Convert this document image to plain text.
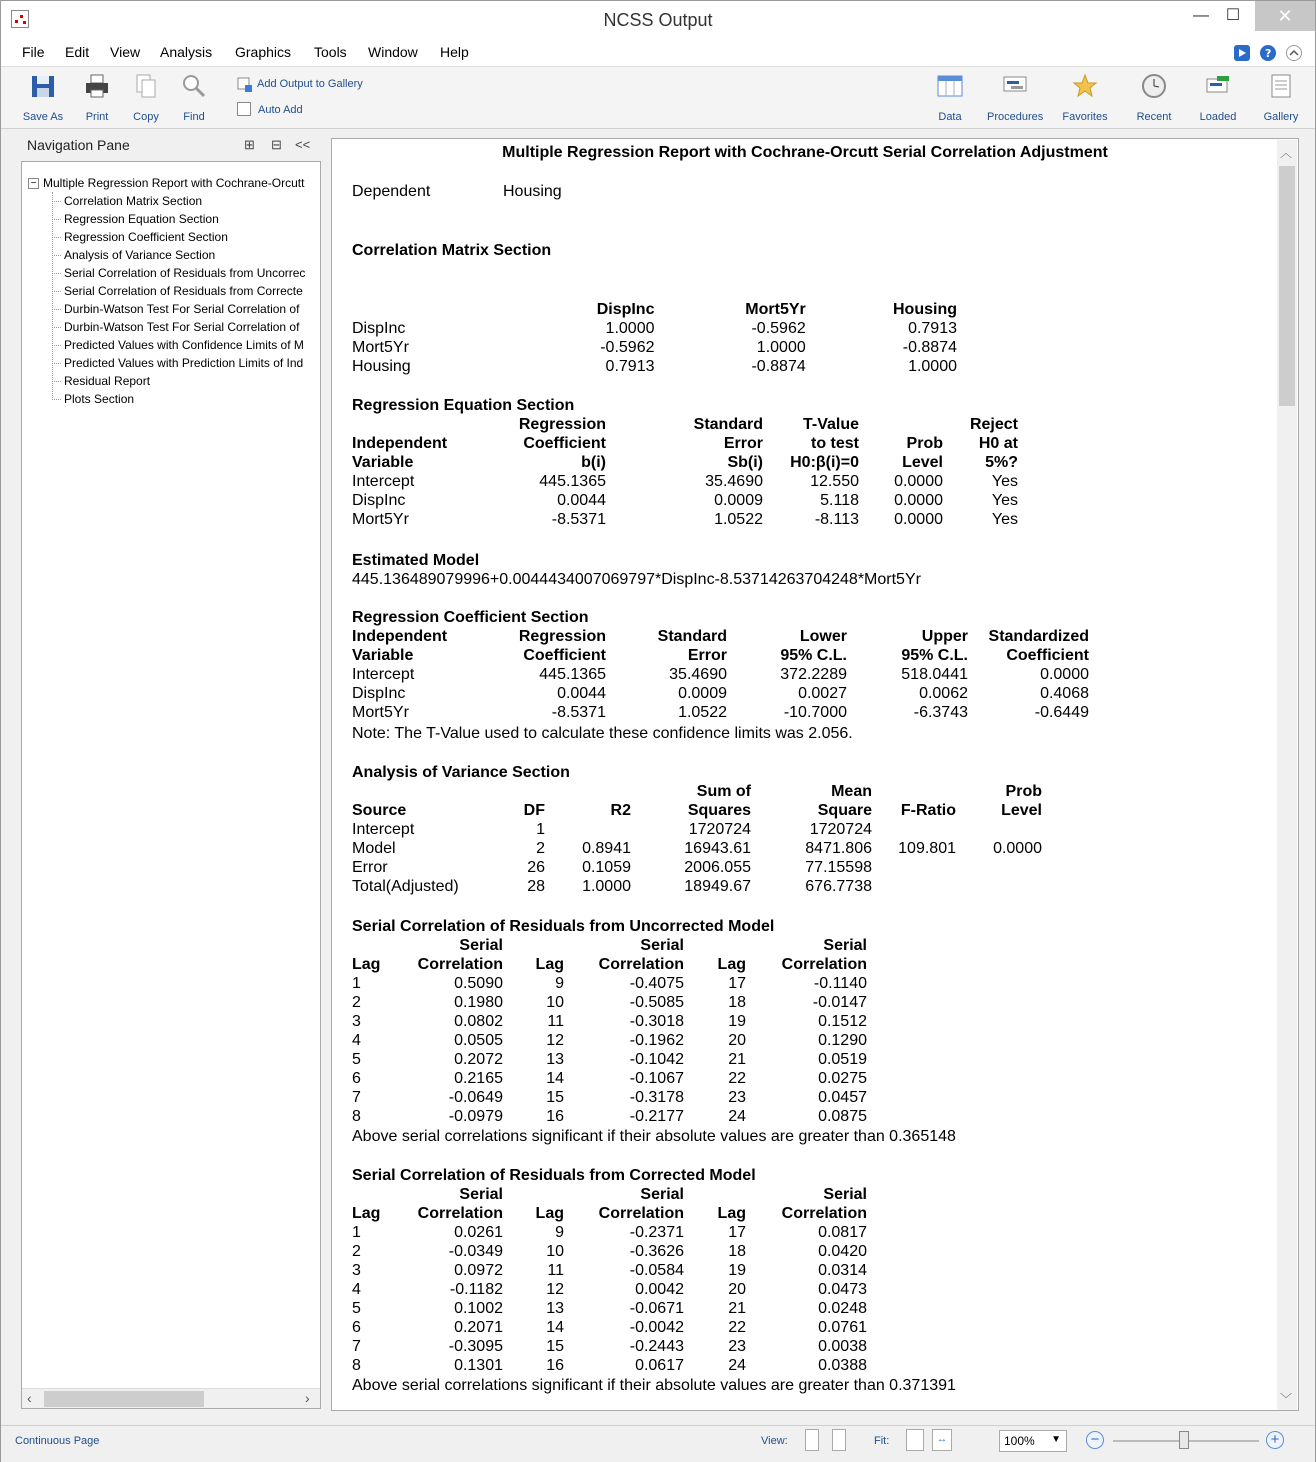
NCSS Output	—	☐	✕
File Edit View Analysis Graphics Tools Window Help	?
Save As	Print	Copy	Find
Add Output to Gallery
Auto Add
Data	Procedures	Favorites	Recent	Loaded	Gallery
Navigation Pane	⊞ ⊟ <<
− Multiple Regression Report with Cochrane-Orcutt
Correlation Matrix Section
Regression Equation Section
Regression Coefficient Section
Analysis of Variance Section
Serial Correlation of Residuals from Uncorrec
Serial Correlation of Residuals from Correcte
Durbin-Watson Test For Serial Correlation of
Durbin-Watson Test For Serial Correlation of
Predicted Values with Confidence Limits of M
Predicted Values with Prediction Limits of Ind
Residual Report
Plots Section
‹	›
Multiple Regression Report with Cochrane-Orcutt Serial Correlation Adjustment
Dependent	Housing
Correlation Matrix Section
	DispInc	Mort5Yr	Housing
DispInc	1.0000	-0.5962	0.7913
Mort5Yr	-0.5962	1.0000	-0.8874
Housing	0.7913	-0.8874	1.0000
Regression Equation Section
	Regression	Standard	T-Value		Reject
Independent	Coefficient	Error	to test	Prob	H0 at
Variable	b(i)	Sb(i)	H0:β(i)=0	Level	5%?
Intercept	445.1365	35.4690	12.550	0.0000	Yes
DispInc	0.0044	0.0009	5.118	0.0000	Yes
Mort5Yr	-8.5371	1.0522	-8.113	0.0000	Yes
Estimated Model
445.136489079996+0.0044434007069797*DispInc-8.53714263704248*Mort5Yr
Regression Coefficient Section
Independent	Regression	Standard	Lower	Upper	Standardized
Variable	Coefficient	Error	95% C.L.	95% C.L.	Coefficient
Intercept	445.1365	35.4690	372.2289	518.0441	0.0000
DispInc	0.0044	0.0009	0.0027	0.0062	0.4068
Mort5Yr	-8.5371	1.0522	-10.7000	-6.3743	-0.6449
Note: The T-Value used to calculate these confidence limits was 2.056.
Analysis of Variance Section
			Sum of	Mean		Prob
Source	DF	R2	Squares	Square	F-Ratio	Level
Intercept	1		1720724	1720724		
Model	2	0.8941	16943.61	8471.806	109.801	0.0000
Error	26	0.1059	2006.055	77.15598		
Total(Adjusted)	28	1.0000	18949.67	676.7738		
Serial Correlation of Residuals from Uncorrected Model
	Serial		Serial		Serial
Lag	Correlation	Lag	Correlation	Lag	Correlation
1	0.5090	9	-0.4075	17	-0.1140
2	0.1980	10	-0.5085	18	-0.0147
3	0.0802	11	-0.3018	19	0.1512
4	0.0505	12	-0.1962	20	0.1290
5	0.2072	13	-0.1042	21	0.0519
6	0.2165	14	-0.1067	22	0.0275
7	-0.0649	15	-0.3178	23	0.0457
8	-0.0979	16	-0.2177	24	0.0875
Above serial correlations significant if their absolute values are greater than 0.365148
Serial Correlation of Residuals from Corrected Model
	Serial		Serial		Serial
Lag	Correlation	Lag	Correlation	Lag	Correlation
1	0.0261	9	-0.2371	17	0.0817
2	-0.0349	10	-0.3626	18	0.0420
3	0.0972	11	-0.0584	19	0.0314
4	-0.1182	12	0.0042	20	0.0473
5	0.1002	13	-0.0671	21	0.0248
6	0.2071	14	-0.0042	22	0.0761
7	-0.3095	15	-0.2443	23	0.0038
8	0.1301	16	0.0617	24	0.0388
Above serial correlations significant if their absolute values are greater than 0.371391
︿
﹀
Continuous Page	View:	Fit:	↔	100% ▼	−	+
